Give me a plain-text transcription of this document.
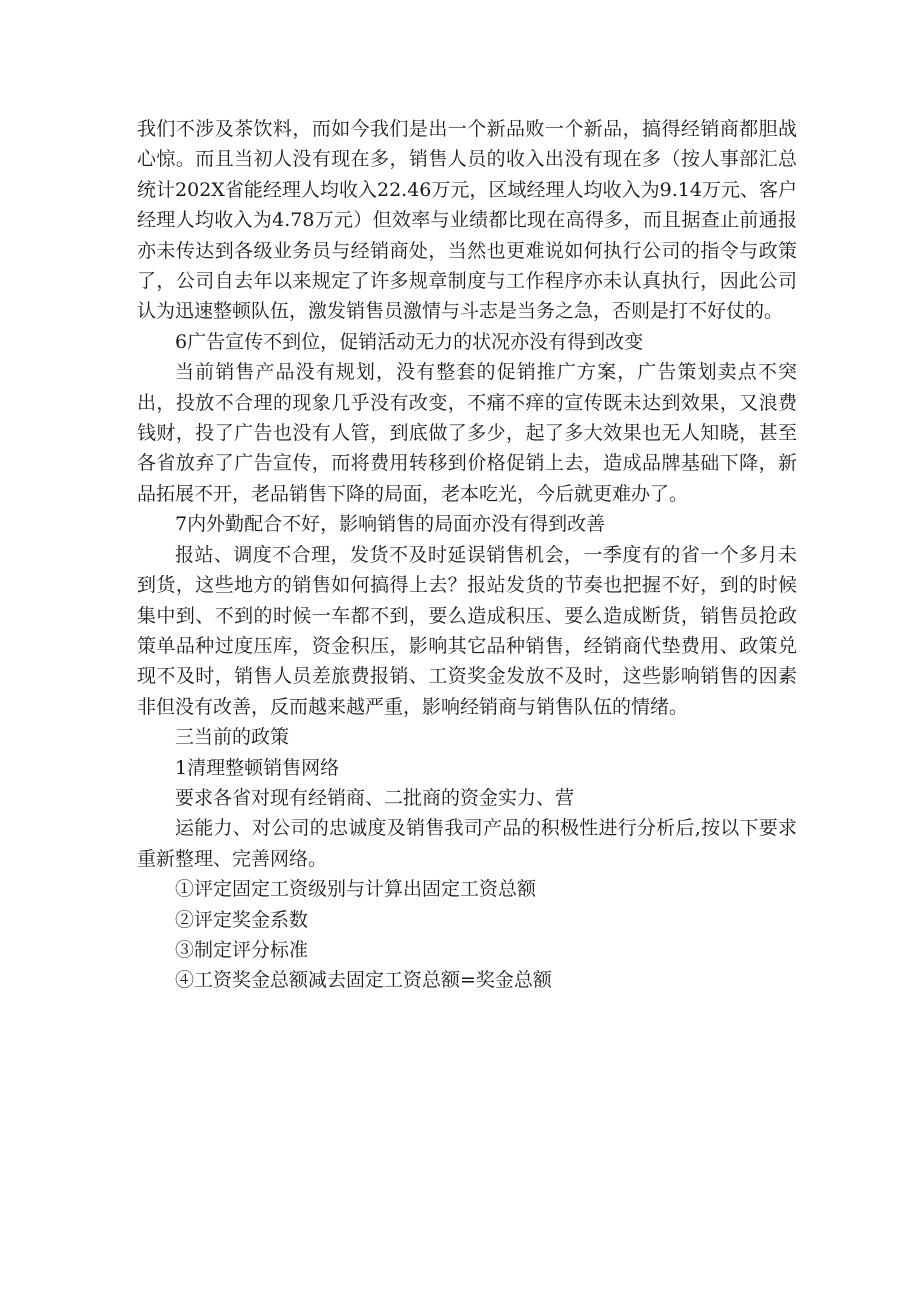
我们不涉及茶饮料，而如今我们是出一个新品败一个新品，搞得经销商都胆战心惊。而且当初人没有现在多，销售人员的收入出没有现在多（按人事部汇总统计202X省能经理人均收入22.46万元，区域经理人均收入为9.14万元、客户经理人均收入为4.78万元）但效率与业绩都比现在高得多，而且据查止前通报亦未传达到各级业务员与经销商处，当然也更难说如何执行公司的指令与政策了，公司自去年以来规定了许多规章制度与工作程序亦未认真执行，因此公司认为迅速整顿队伍，激发销售员激情与斗志是当务之急，否则是打不好仗的。

6广告宣传不到位，促销活动无力的状况亦没有得到改变

当前销售产品没有规划，没有整套的促销推广方案，广告策划卖点不突出，投放不合理的现象几乎没有改变，不痛不痒的宣传既未达到效果，又浪费钱财，投了广告也没有人管，到底做了多少，起了多大效果也无人知晓，甚至各省放弃了广告宣传，而将费用转移到价格促销上去，造成品牌基础下降，新品拓展不开，老品销售下降的局面，老本吃光，今后就更难办了。

7内外勤配合不好，影响销售的局面亦没有得到改善

报站、调度不合理，发货不及时延误销售机会，一季度有的省一个多月未到货，这些地方的销售如何搞得上去？报站发货的节奏也把握不好，到的时候集中到、不到的时候一车都不到，要么造成积压、要么造成断货，销售员抢政策单品种过度压库，资金积压，影响其它品种销售，经销商代垫费用、政策兑现不及时，销售人员差旅费报销、工资奖金发放不及时，这些影响销售的因素非但没有改善，反而越来越严重，影响经销商与销售队伍的情绪。

三当前的政策

1清理整顿销售网络

要求各省对现有经销商、二批商的资金实力、营

运能力、对公司的忠诚度及销售我司产品的积极性进行分析后,按以下要求重新整理、完善网络。

①评定固定工资级别与计算出固定工资总额

②评定奖金系数

③制定评分标准

④工资奖金总额减去固定工资总额=奖金总额
